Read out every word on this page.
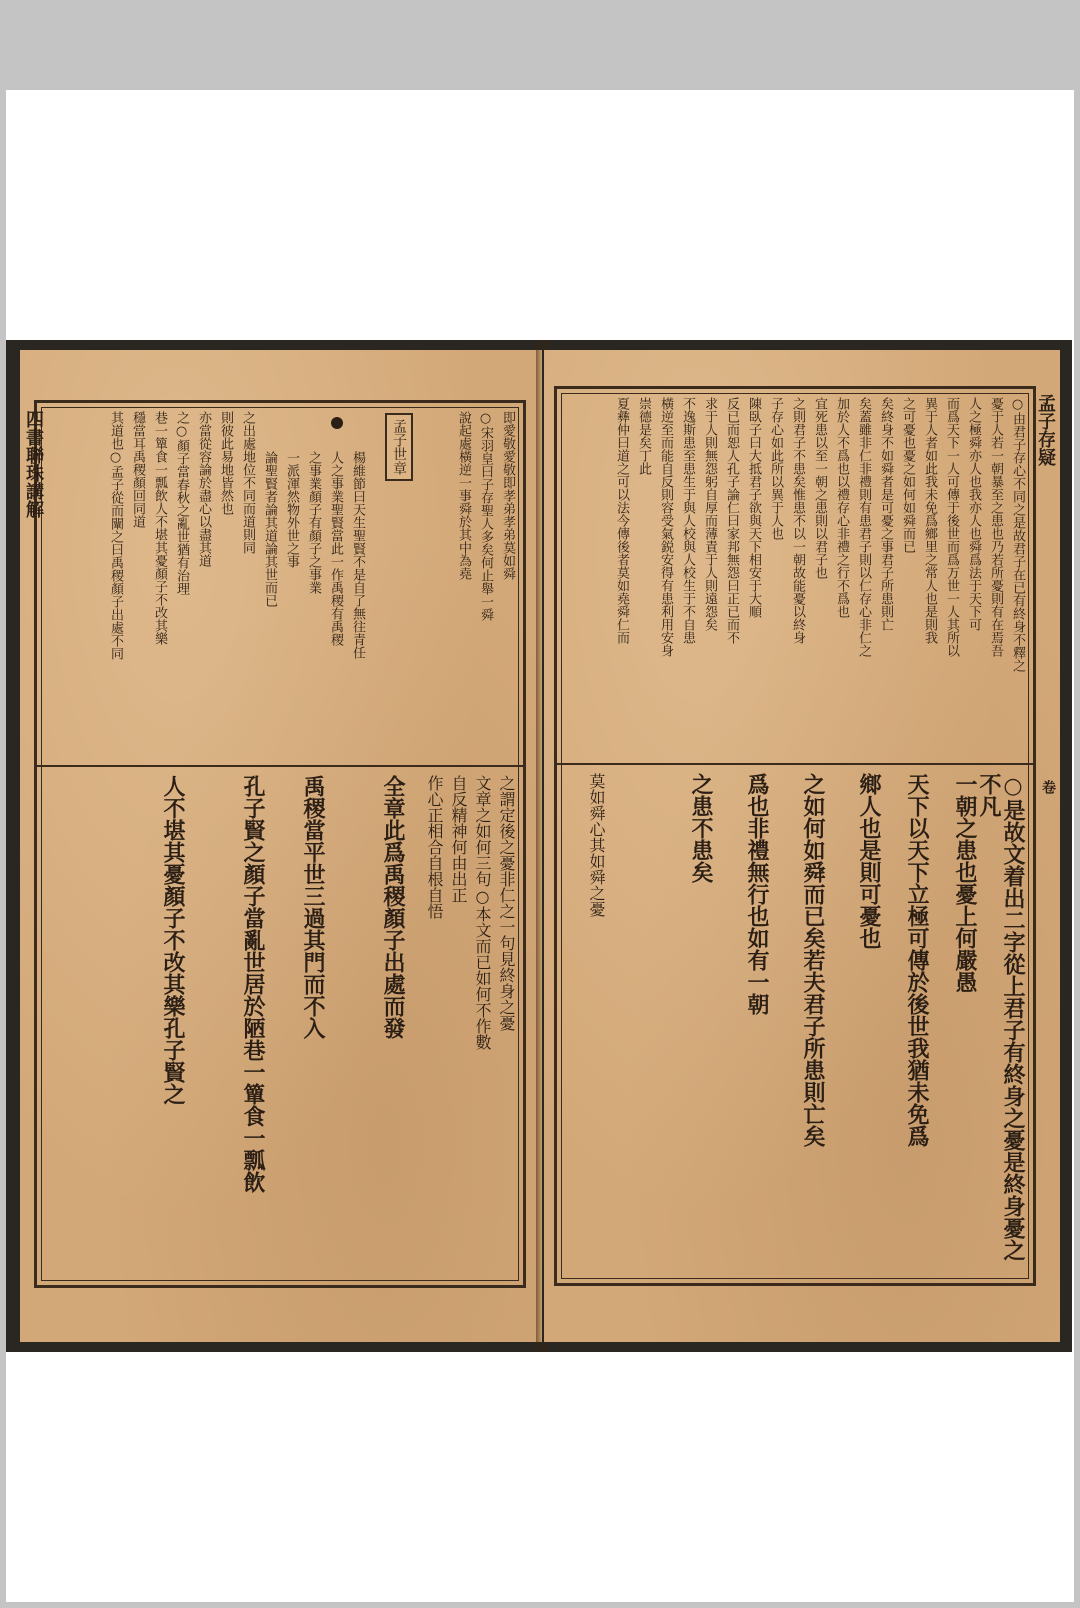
孟子世章	即愛敬愛敬即孝弟孝弟莫如舜
○宋羽皇曰子存聖人多矣何止舉一舜
說起處橫逆一事舜於其中為堯
楊維節曰天生聖賢不是自了無往青任
人之事業聖賢當此一作禹稷有禹稷
之事業顏子有顏子之事業
一派渾然物外世之事
論聖賢者論其道論其世而已
之出處地位不同而道則同
則彼此易地皆然也
亦當從容論於盡心以盡其道
之○顏子當春秋之亂世猶有治理
巷一簞食一瓢飲人不堪其憂顏子不改其樂
穩當耳禹稷顏回同道
其道也○孟子從而闡之曰禹稷顏子出處不同
之謂定後之憂非仁之一句見終身之憂
文章之如何三句○本文而已如何不作數
自反精神何由出正
作心正相合自根自悟
全章此爲禹稷顏子出處而發
禹稷當平世三過其門而不入
孔子賢之顏子當亂世居於陋巷一簞食一瓢飲
人不堪其憂顏子不改其樂孔子賢之
四書聯珠講解	○由君子存心不同之是故君子在已有終身不釋之
憂于人若一朝暴至之患也乃若所憂則有在焉吾
人之極舜亦人也我亦人也舜爲法于天下可
而爲天下一人可傳于後世而爲万世一人其所以
異于人者如此我未免爲鄉里之常人也是則我
之可憂也憂之如何如舜而已
矣終身不如舜者是可憂之事君子所患則亡
矣蓋雖非仁非禮則有患君子則以仁存心非仁之
加於人不爲也以禮存心非禮之行不爲也
宜死患以至一朝之患則以君子也
之則君子不患矣惟患不以一朝故能憂以終身
子存心如此所以異于人也
陳臥子曰大抵君子欲與天下相安于大順
反已而恕人孔子論仁曰家邦無怨曰正已而不
求于人則無怨躬自厚而薄責于人則遠怨矣
不逸斯患至患生于與人校與人校生于不自患
橫逆至而能自反則容受氣鋭安得有患利用安身
崇德是矣丁此
夏彝仲曰道之可以法今傳後者莫如堯舜仁而
○是故文着出二字從上君子有終身之憂是終身憂之不凡
一朝之患也憂上何嚴愚
天下以天下立極可傳於後世我猶未免爲
鄉人也是則可憂也
之如何如舜而已矣若夫君子所患則亡矣
爲也非禮無行也如有一朝
之患不患矣
莫如舜心其如舜之憂
孟子存疑
卷
